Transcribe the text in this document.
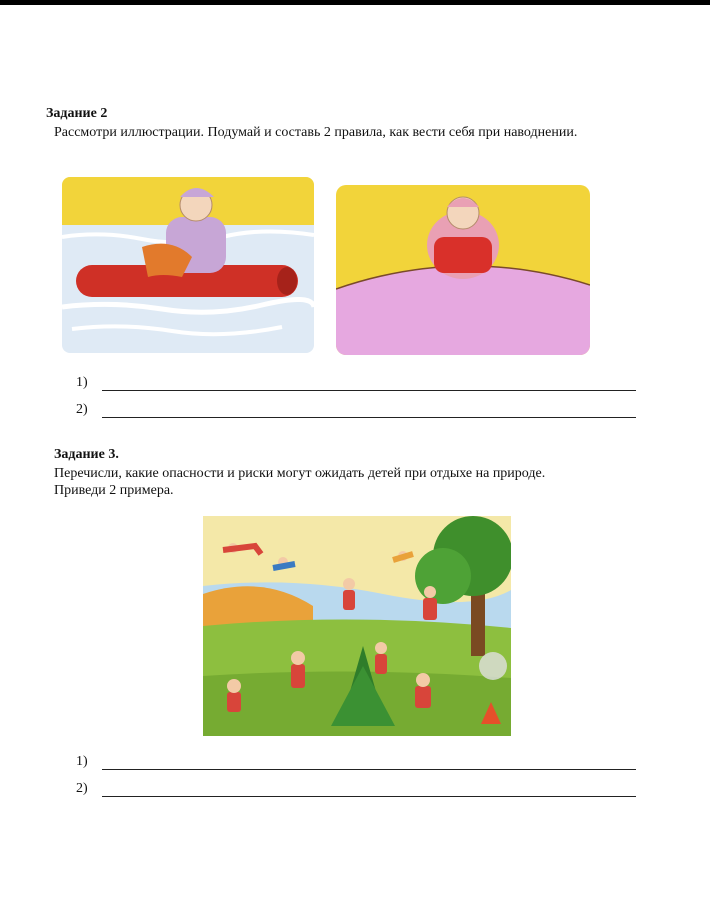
Задание 2
Рассмотри иллюстрации. Подумай и составь 2 правила, как вести себя при наводнении.
1)
2)
Задание 3.
Перечисли, какие опасности и риски могут ожидать детей при отдыхе на природе.
Приведи 2 примера.
1)
2)
